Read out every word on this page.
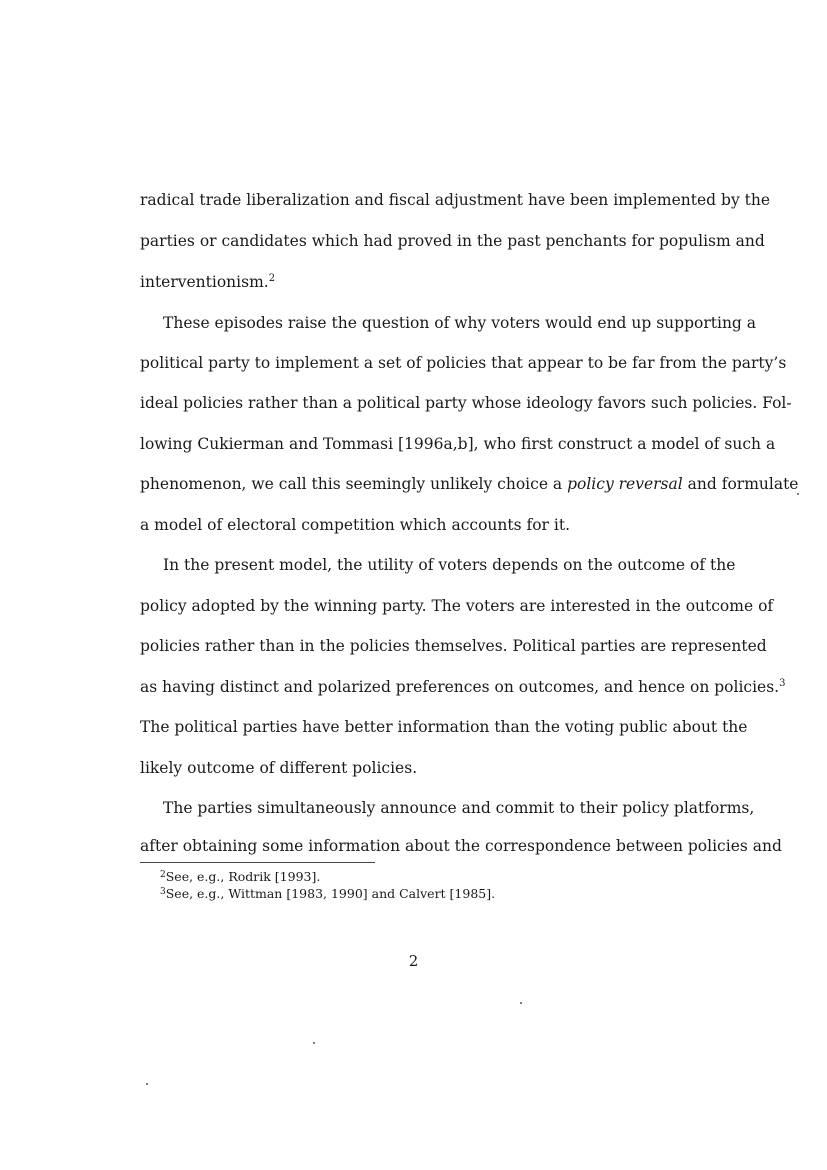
radical trade liberalization and fiscal adjustment have been implemented by the

parties or candidates which had proved in the past penchants for populism and

interventionism.$^2$

These episodes raise the question of why voters would end up supporting a

political party to implement a set of policies that appear to be far from the party’s

ideal policies rather than a political party whose ideology favors such policies. Fol-

lowing Cukierman and Tommasi [1996a,b], who first construct a model of such a

phenomenon, we call this seemingly unlikely choice a policy reversal and formulate

a model of electoral competition which accounts for it.

In the present model, the utility of voters depends on the outcome of the

policy adopted by the winning party. The voters are interested in the outcome of

policies rather than in the policies themselves. Political parties are represented

as having distinct and polarized preferences on outcomes, and hence on policies.$^3$

The political parties have better information than the voting public about the

likely outcome of different policies.

The parties simultaneously announce and commit to their policy platforms,

after obtaining some information about the correspondence between policies and

$^2$See, e.g., Rodrik [1993].

$^3$See, e.g., Wittman [1983, 1990] and Calvert [1985].

2
